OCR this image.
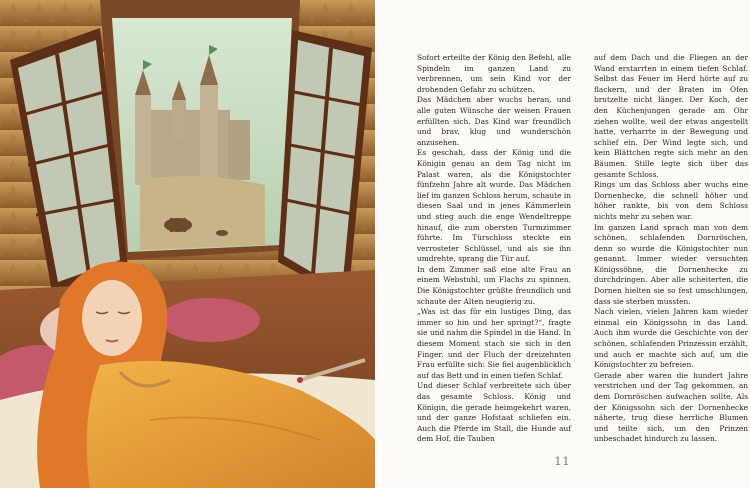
Sofort erteilte der König den Befehl, alle Spindeln im ganzen Land zu verbrennen, um sein Kind vor der drohenden Gefahr zu schützen.

Das Mädchen aber wuchs heran, und alle guten Wünsche der weisen Frauen erfüllten sich. Das Kind war freundlich und brav, klug und wunderschön anzusehen.

Es geschah, dass der König und die Königin genau an dem Tag nicht im Palast waren, als die Königstochter fünfzehn Jahre alt wurde. Das Mädchen lief im ganzen Schloss herum, schaute in diesen Saal und in jenes Kämmerlein und stieg auch die enge Wendeltreppe hinauf, die zum obersten Turmzimmer führte. Im Türschloss steckte ein verrosteter Schlüssel, und als sie ihn umdrehte, sprang die Tür auf.

In dem Zimmer saß eine alte Frau an einem Webstuhl, um Flachs zu spinnen. Die Königstochter grüßte freundlich und schaute der Alten neugierig zu.

„Was ist das für ein lustiges Ding, das immer so hin und her springt?“, fragte sie und nahm die Spindel in die Hand. In diesem Moment stach sie sich in den Finger, und der Fluch der dreizehnten Frau erfüllte sich: Sie fiel augenblicklich auf das Bett und in einen tiefen Schlaf.

Und dieser Schlaf verbreitete sich über das gesamte Schloss. König und Königin, die gerade heimgekehrt waren, und der ganze Hofstaat schliefen ein. Auch die Pferde im Stall, die Hunde auf dem Hof, die Tauben

auf dem Dach und die Fliegen an der Wand erstarrten in einem tiefen Schlaf. Selbst das Feuer im Herd hörte auf zu flackern, und der Braten im Ofen brutzelte nicht länger. Der Koch, der den Küchenjungen gerade am Ohr ziehen wollte, weil der etwas angestellt hatte, verharrte in der Bewegung und schlief ein. Der Wind legte sich, und kein Blättchen regte sich mehr an den Bäumen. Stille legte sich über das gesamte Schloss.

Rings um das Schloss aber wuchs eine Dornenhecke, die schnell höher und höher rankte, bis von dem Schloss nichts mehr zu sehen war.

Im ganzen Land sprach man von dem schönen, schlafenden Dornröschen, denn so wurde die Königstochter nun genannt. Immer wieder versuchten Königssöhne, die Dornenhecke zu durchdringen. Aber alle scheiterten, die Dornen hielten sie so fest umschlungen, dass sie sterben mussten.

Nach vielen, vielen Jahren kam wieder einmal ein Königssohn in das Land. Auch ihm wurde die Geschichte von der schönen, schlafenden Prinzessin erzählt, und auch er machte sich auf, um die Königstochter zu befreien.

Gerade aber waren die hundert Jahre verstrichen und der Tag gekommen, an dem Dornröschen aufwachen sollte. Als der Königssohn sich der Dornenhecke näherte, trug diese herrliche Blumen und teilte sich, um den Prinzen unbeschadet hindurch zu lassen.

11
